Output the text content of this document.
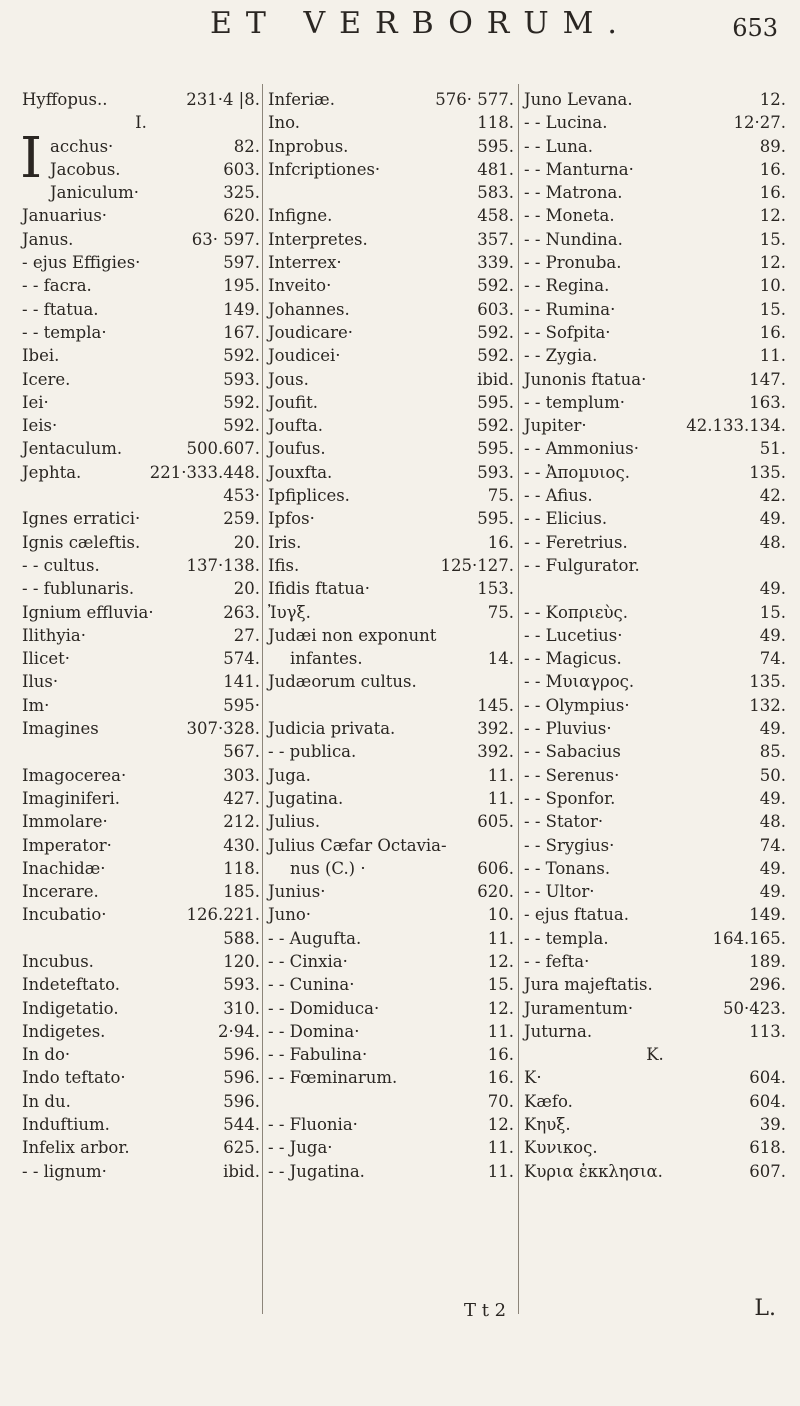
ET VERBORUM.	653
Hyffopus..	231·4 |8.
I.
I acchus·	82.
Jacobus.	603.
Janiculum·	325.
Januarius·	620.
Janus.	63· 597.
- ejus Effigies·	597.
- - facra.	195.
- - ftatua.	149.
- - templa·	167.
Ibei.	592.
Icere.	593.
Iei·	592.
Ieis·	592.
Jentaculum.	500.607.
Jephta.	221·333.448.
453·
Ignes erratici·	259.
Ignis cæleftis.	20.
- - cultus.	137·138.
- - fublunaris.	20.
Ignium effluvia·	263.
Ilithyia·	27.
Ilicet·	574.
Ilus·	141.
Im·	595·
Imagines	307·328.
567.
Imagocerea·	303.
Imaginiferi.	427.
Immolare·	212.
Imperator·	430.
Inachidæ·	118.
Incerare.	185.
Incubatio·	126.221.
588.
Incubus.	120.
Indeteftato.	593.
Indigetatio.	310.
Indigetes.	2·94.
In do·	596.
Indo teftato·	596.
In du.	596.
Induftium.	544.
Infelix arbor.	625.
- - lignum·	ibid.
Inferiæ.	576· 577.
Ino.	118.
Inprobus.	595.
Infcriptiones·	481.
583.
Infigne.	458.
Interpretes.	357.
Interrex·	339.
Inveito·	592.
Johannes.	603.
Joudicare·	592.
Joudicei·	592.
Jous.	ibid.
Joufit.	595.
Joufta.	592.
Joufus.	595.
Jouxfta.	593.
Ipfiplices.	75.
Ipfos·	595.
Iris.	16.
Ifis.	125·127.
Ifidis ftatua·	153.
Ἰυγξ.	75.
Judæi non exponunt
infantes.	14.
Judæorum cultus.
145.
Judicia privata.	392.
- - publica.	392.
Juga.	11.
Jugatina.	11.
Julius.	605.
Julius Cæfar Octavia-
nus (C.) ·	606.
Junius·	620.
Juno·	10.
- - Augufta.	11.
- - Cinxia·	12.
- - Cunina·	15.
- - Domiduca·	12.
- - Domina·	11.
- - Fabulina·	16.
- - Fœminarum.	16.
70.
- - Fluonia·	12.
- - Juga·	11.
- - Jugatina.	11.
Juno Levana.	12.
- - Lucina.	12·27.
- - Luna.	89.
- - Manturna·	16.
- - Matrona.	16.
- - Moneta.	12.
- - Nundina.	15.
- - Pronuba.	12.
- - Regina.	10.
- - Rumina·	15.
- - Sofpita·	16.
- - Zygia.	11.
Junonis ftatua·	147.
- - templum·	163.
Jupiter·	42.133.134.
- - Ammonius·	51.
- - Ἀποµυιος.	135.
- - Afius.	42.
- - Elicius.	49.
- - Feretrius.	48.
- - Fulgurator.
49.
- - Κοπριεὺς.	15.
- - Lucetius·	49.
- - Magicus.	74.
- - Μυιαγρος.	135.
- - Olympius·	132.
- - Pluvius·	49.
- - Sabacius	85.
- - Serenus·	50.
- - Sponfor.	49.
- - Stator·	48.
- - Srygius·	74.
- - Tonans.	49.
- - Ultor·	49.
- ejus ftatua.	149.
- - templa.	164.165.
- - fefta·	189.
Jura majeftatis.	296.
Juramentum·	50·423.
Juturna.	113.
K.
K·	604.
Kæfo.	604.
Κηυξ.	39.
Κυνικος.	618.
Κυρια ἐκκλησια.	607.
T t 2	L.
